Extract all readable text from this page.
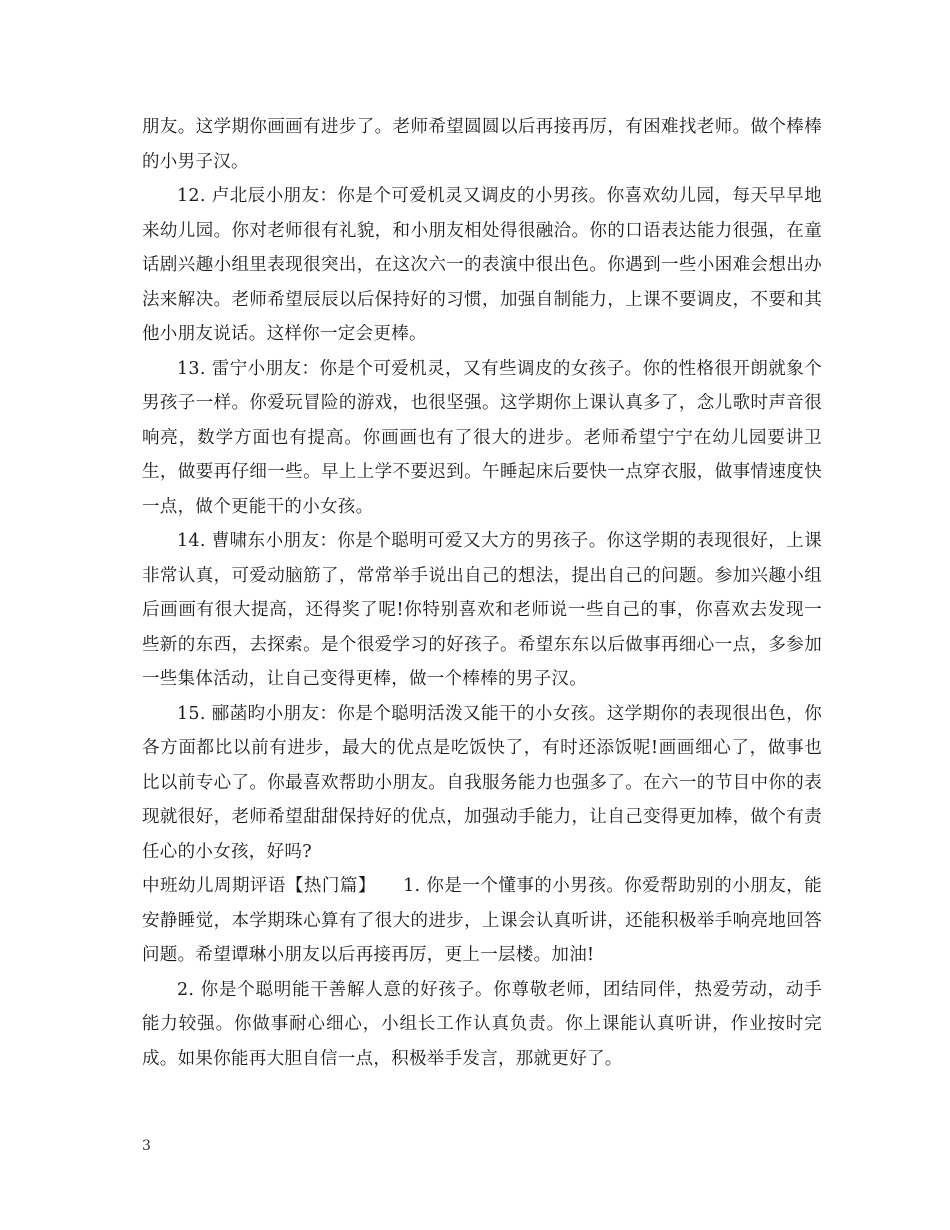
朋友。这学期你画画有进步了。老师希望圆圆以后再接再厉，有困难找老师。做个棒棒的小男子汉。

12. 卢北辰小朋友：你是个可爱机灵又调皮的小男孩。你喜欢幼儿园，每天早早地来幼儿园。你对老师很有礼貌，和小朋友相处得很融洽。你的口语表达能力很强，在童话剧兴趣小组里表现很突出，在这次六一的表演中很出色。你遇到一些小困难会想出办法来解决。老师希望辰辰以后保持好的习惯，加强自制能力，上课不要调皮，不要和其他小朋友说话。这样你一定会更棒。

13. 雷宁小朋友：你是个可爱机灵，又有些调皮的女孩子。你的性格很开朗就象个男孩子一样。你爱玩冒险的游戏，也很坚强。这学期你上课认真多了，念儿歌时声音很响亮，数学方面也有提高。你画画也有了很大的进步。老师希望宁宁在幼儿园要讲卫生，做要再仔细一些。早上上学不要迟到。午睡起床后要快一点穿衣服，做事情速度快一点，做个更能干的小女孩。

14. 曹啸东小朋友：你是个聪明可爱又大方的男孩子。你这学期的表现很好，上课非常认真，可爱动脑筋了，常常举手说出自己的想法，提出自己的问题。参加兴趣小组后画画有很大提高，还得奖了呢!你特别喜欢和老师说一些自己的事，你喜欢去发现一些新的东西，去探索。是个很爱学习的好孩子。希望东东以后做事再细心一点，多参加一些集体活动，让自己变得更棒，做一个棒棒的男子汉。

15. 郦菡昀小朋友：你是个聪明活泼又能干的小女孩。这学期你的表现很出色，你各方面都比以前有进步，最大的优点是吃饭快了，有时还添饭呢!画画细心了，做事也比以前专心了。你最喜欢帮助小朋友。自我服务能力也强多了。在六一的节目中你的表现就很好，老师希望甜甜保持好的优点，加强动手能力，让自己变得更加棒，做个有责任心的小女孩，好吗?

中班幼儿周期评语【热门篇】　　1. 你是一个懂事的小男孩。你爱帮助别的小朋友，能安静睡觉，本学期珠心算有了很大的进步，上课会认真听讲，还能积极举手响亮地回答问题。希望谭琳小朋友以后再接再厉，更上一层楼。加油!

2. 你是个聪明能干善解人意的好孩子。你尊敬老师，团结同伴，热爱劳动，动手能力较强。你做事耐心细心，小组长工作认真负责。你上课能认真听讲，作业按时完成。如果你能再大胆自信一点，积极举手发言，那就更好了。

3
